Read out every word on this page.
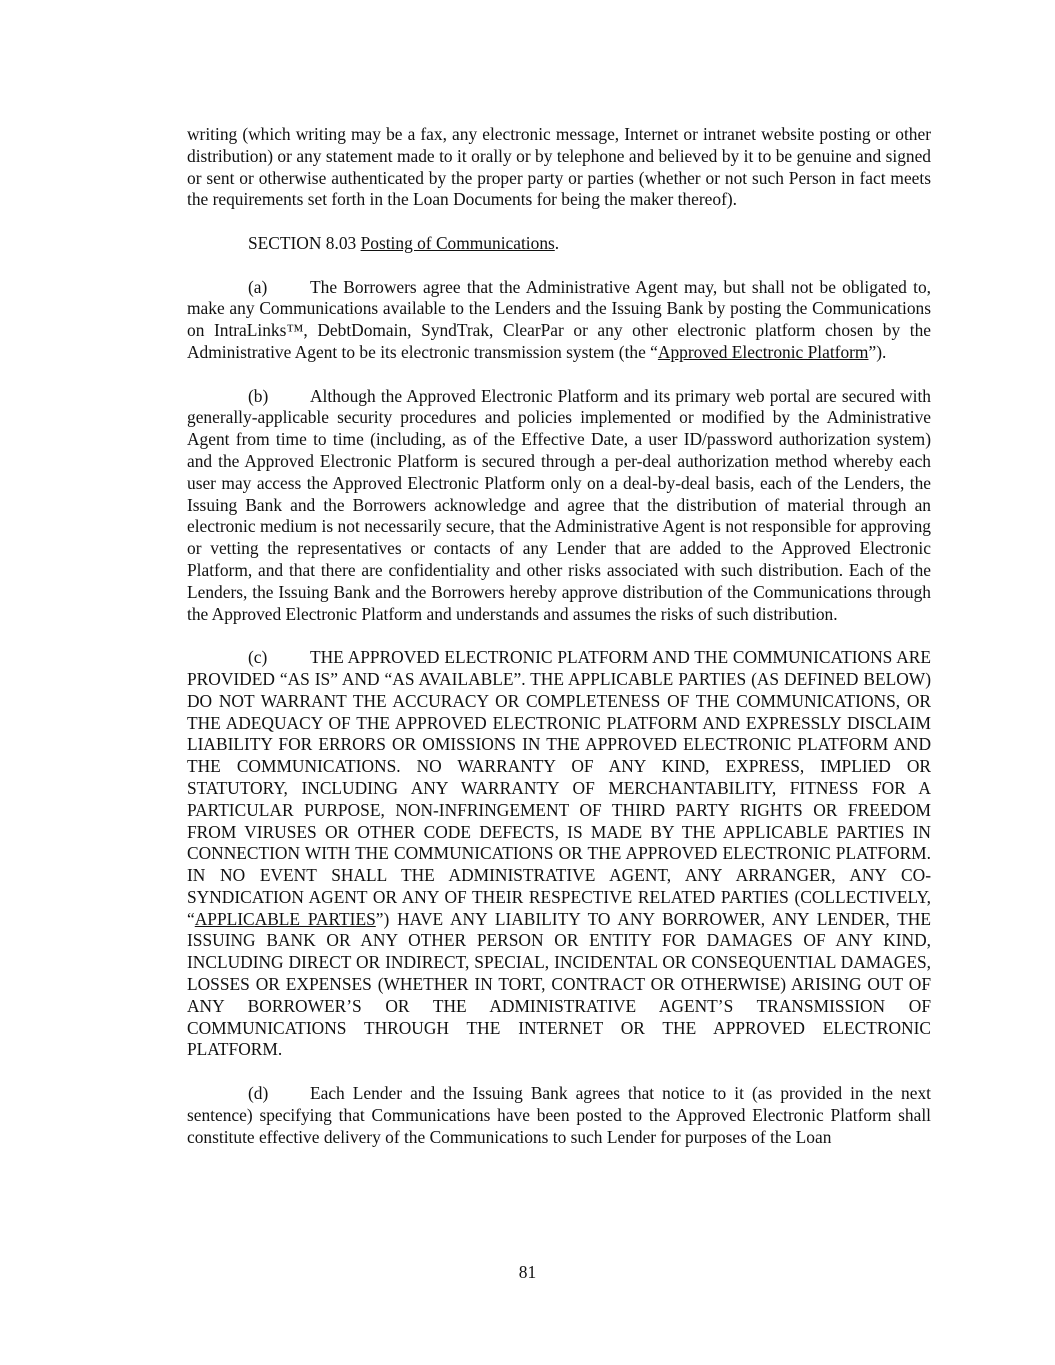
writing (which writing may be a fax, any electronic message, Internet or intranet website posting or other distribution) or any statement made to it orally or by telephone and believed by it to be genuine and signed or sent or otherwise authenticated by the proper party or parties (whether or not such Person in fact meets the requirements set forth in the Loan Documents for being the maker thereof).

SECTION 8.03 Posting of Communications.

(a) The Borrowers agree that the Administrative Agent may, but shall not be obligated to, make any Communications available to the Lenders and the Issuing Bank by posting the Communications on IntraLinks™, DebtDomain, SyndTrak, ClearPar or any other electronic platform chosen by the Administrative Agent to be its electronic transmission system (the “Approved Electronic Platform”).

(b) Although the Approved Electronic Platform and its primary web portal are secured with generally-applicable security procedures and policies implemented or modified by the Administrative Agent from time to time (including, as of the Effective Date, a user ID/password authorization system) and the Approved Electronic Platform is secured through a per-deal authorization method whereby each user may access the Approved Electronic Platform only on a deal-by-deal basis, each of the Lenders, the Issuing Bank and the Borrowers acknowledge and agree that the distribution of material through an electronic medium is not necessarily secure, that the Administrative Agent is not responsible for approving or vetting the representatives or contacts of any Lender that are added to the Approved Electronic Platform, and that there are confidentiality and other risks associated with such distribution. Each of the Lenders, the Issuing Bank and the Borrowers hereby approve distribution of the Communications through the Approved Electronic Platform and understands and assumes the risks of such distribution.

(c) THE APPROVED ELECTRONIC PLATFORM AND THE COMMUNICATIONS ARE PROVIDED “AS IS” AND “AS AVAILABLE”. THE APPLICABLE PARTIES (AS DEFINED BELOW) DO NOT WARRANT THE ACCURACY OR COMPLETENESS OF THE COMMUNICATIONS, OR THE ADEQUACY OF THE APPROVED ELECTRONIC PLATFORM AND EXPRESSLY DISCLAIM LIABILITY FOR ERRORS OR OMISSIONS IN THE APPROVED ELECTRONIC PLATFORM AND THE COMMUNICATIONS. NO WARRANTY OF ANY KIND, EXPRESS, IMPLIED OR STATUTORY, INCLUDING ANY WARRANTY OF MERCHANTABILITY, FITNESS FOR A PARTICULAR PURPOSE, NON-INFRINGEMENT OF THIRD PARTY RIGHTS OR FREEDOM FROM VIRUSES OR OTHER CODE DEFECTS, IS MADE BY THE APPLICABLE PARTIES IN CONNECTION WITH THE COMMUNICATIONS OR THE APPROVED ELECTRONIC PLATFORM. IN NO EVENT SHALL THE ADMINISTRATIVE AGENT, ANY ARRANGER, ANY CO-SYNDICATION AGENT OR ANY OF THEIR RESPECTIVE RELATED PARTIES (COLLECTIVELY, “APPLICABLE PARTIES”) HAVE ANY LIABILITY TO ANY BORROWER, ANY LENDER, THE ISSUING BANK OR ANY OTHER PERSON OR ENTITY FOR DAMAGES OF ANY KIND, INCLUDING DIRECT OR INDIRECT, SPECIAL, INCIDENTAL OR CONSEQUENTIAL DAMAGES, LOSSES OR EXPENSES (WHETHER IN TORT, CONTRACT OR OTHERWISE) ARISING OUT OF ANY BORROWER’S OR THE ADMINISTRATIVE AGENT’S TRANSMISSION OF COMMUNICATIONS THROUGH THE INTERNET OR THE APPROVED ELECTRONIC PLATFORM.

(d) Each Lender and the Issuing Bank agrees that notice to it (as provided in the next sentence) specifying that Communications have been posted to the Approved Electronic Platform shall constitute effective delivery of the Communications to such Lender for purposes of the Loan

81
